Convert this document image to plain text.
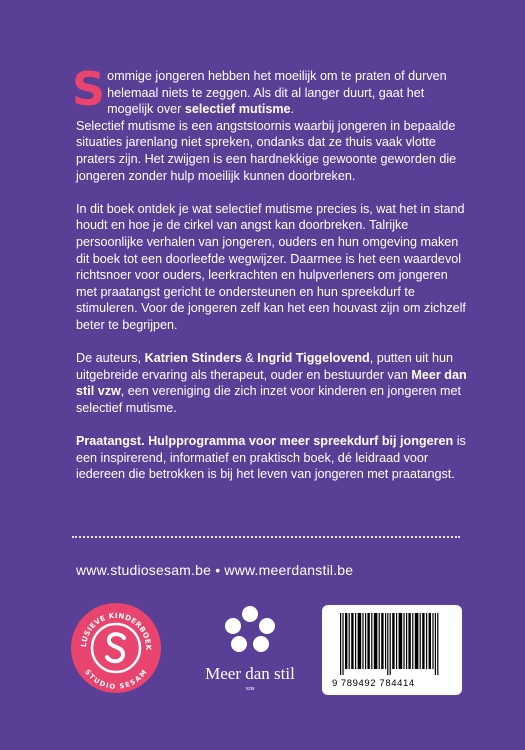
Sommige jongeren hebben het moeilijk om te praten of durven helemaal niets te zeggen. Als dit al langer duurt, gaat het mogelijk over selectief mutisme.
Selectief mutisme is een angststoornis waarbij jongeren in bepaalde situaties jarenlang niet spreken, ondanks dat ze thuis vaak vlotte praters zijn. Het zwijgen is een hardnekkige gewoonte geworden die jongeren zonder hulp moeilijk kunnen doorbreken.

In dit boek ontdek je wat selectief mutisme precies is, wat het in stand houdt en hoe je de cirkel van angst kan doorbreken. Talrijke persoonlijke verhalen van jongeren, ouders en hun omgeving maken dit boek tot een doorleefde wegwijzer. Daarmee is het een waardevol richtsnoer voor ouders, leerkrachten en hulpverleners om jongeren met praatangst gericht te ondersteunen en hun spreekdurf te stimuleren. Voor de jongeren zelf kan het een houvast zijn om zichzelf beter te begrijpen.

De auteurs, Katrien Stinders & Ingrid Tiggelovend, putten uit hun uitgebreide ervaring als therapeut, ouder en bestuurder van Meer dan stil vzw, een vereniging die zich inzet voor kinderen en jongeren met selectief mutisme.

Praatangst. Hulpprogramma voor meer spreekdurf bij jongeren is een inspirerend, informatief en praktisch boek, dé leidraad voor iedereen die betrokken is bij het leven van jongeren met praatangst.

www.studiosesam.be • www.meerdanstil.be
LUSIEVE KINDERBOEK
STUDIO SESAM	Meer dan stil
vzw	9 789492 784414
